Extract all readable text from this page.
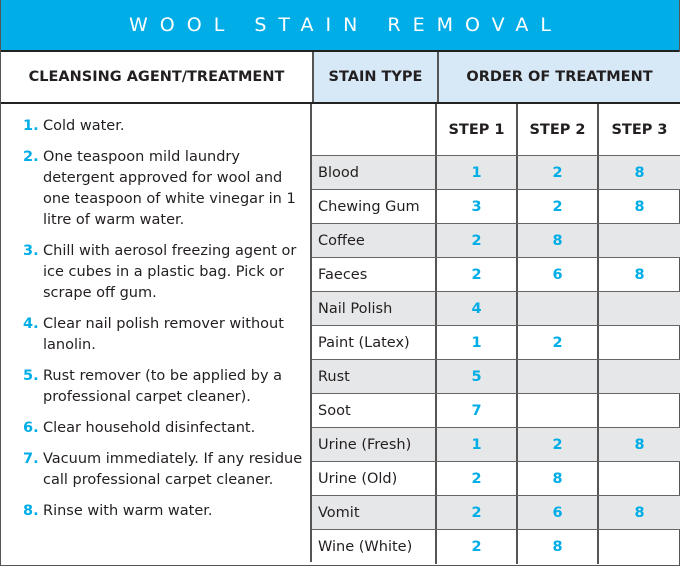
WOOL STAIN REMOVAL
CLEANSING AGENT/TREATMENT	STAIN TYPE	ORDER OF TREATMENT
1. Cold water.
2. One teaspoon mild laundry detergent approved for wool and one teaspoon of white vinegar in 1 litre of warm water.
3. Chill with aerosol freezing agent or ice cubes in a plastic bag. Pick or scrape off gum.
4. Clear nail polish remover without lanolin.
5. Rust remover (to be applied by a professional carpet cleaner).
6. Clear household disinfectant.
7. Vacuum immediately. If any residue call professional carpet cleaner.
8. Rinse with warm water.
STEP 1	STEP 2	STEP 3
Blood	1	2	8
Chewing Gum	3	2	8
Coffee	2	8
Faeces	2	6	8
Nail Polish	4
Paint (Latex)	1	2
Rust	5
Soot	7
Urine (Fresh)	1	2	8
Urine (Old)	2	8
Vomit	2	6	8
Wine (White)	2	8
